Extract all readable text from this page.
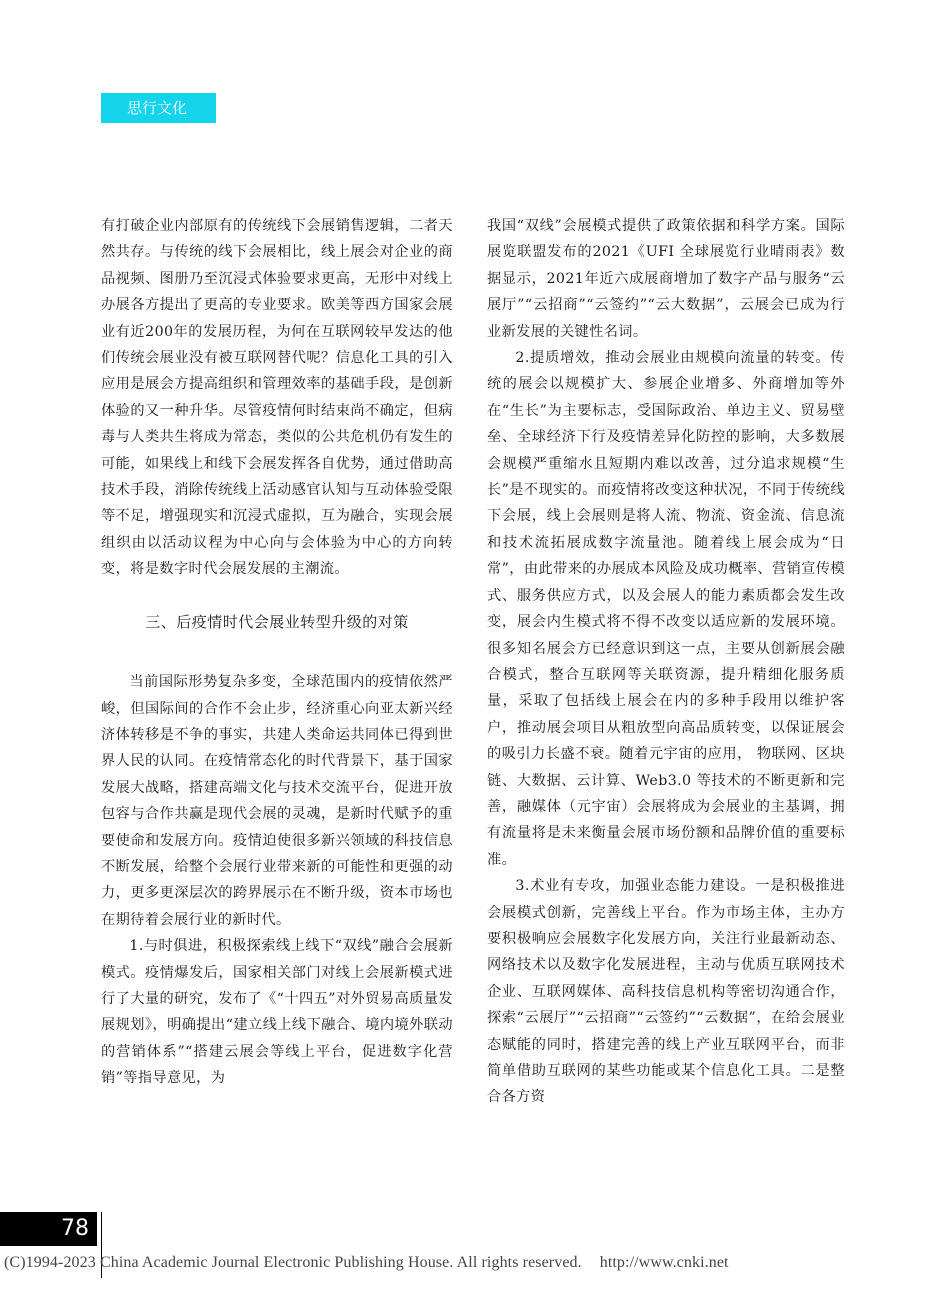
思行文化

有打破企业内部原有的传统线下会展销售逻辑，二者天然共存。与传统的线下会展相比，线上展会对企业的商品视频、图册乃至沉浸式体验要求更高，无形中对线上办展各方提出了更高的专业要求。欧美等西方国家会展业有近200年的发展历程，为何在互联网较早发达的他们传统会展业没有被互联网替代呢？信息化工具的引入应用是展会方提高组织和管理效率的基础手段，是创新体验的又一种升华。尽管疫情何时结束尚不确定，但病毒与人类共生将成为常态，类似的公共危机仍有发生的可能，如果线上和线下会展发挥各自优势，通过借助高技术手段，消除传统线上活动感官认知与互动体验受限等不足，增强现实和沉浸式虚拟，互为融合，实现会展组织由以活动议程为中心向与会体验为中心的方向转变，将是数字时代会展发展的主潮流。

三、后疫情时代会展业转型升级的对策

当前国际形势复杂多变，全球范围内的疫情依然严峻，但国际间的合作不会止步，经济重心向亚太新兴经济体转移是不争的事实，共建人类命运共同体已得到世界人民的认同。在疫情常态化的时代背景下，基于国家发展大战略，搭建高端文化与技术交流平台，促进开放包容与合作共赢是现代会展的灵魂，是新时代赋予的重要使命和发展方向。疫情迫使很多新兴领域的科技信息不断发展，给整个会展行业带来新的可能性和更强的动力，更多更深层次的跨界展示在不断升级，资本市场也在期待着会展行业的新时代。

1.与时俱进，积极探索线上线下“双线”融合会展新模式。疫情爆发后，国家相关部门对线上会展新模式进行了大量的研究，发布了《“十四五”对外贸易高质量发展规划》，明确提出“建立线上线下融合、境内境外联动的营销体系”“搭建云展会等线上平台，促进数字化营销”等指导意见，为

我国“双线”会展模式提供了政策依据和科学方案。国际展览联盟发布的2021《UFI 全球展览行业晴雨表》数据显示，2021年近六成展商增加了数字产品与服务“云展厅”“云招商”“云签约”“云大数据”，云展会已成为行业新发展的关键性名词。

2.提质增效，推动会展业由规模向流量的转变。传统的展会以规模扩大、参展企业增多、外商增加等外在“生长”为主要标志，受国际政治、单边主义、贸易壁垒、全球经济下行及疫情差异化防控的影响，大多数展会规模严重缩水且短期内难以改善，过分追求规模“生长”是不现实的。而疫情将改变这种状况，不同于传统线下会展，线上会展则是将人流、物流、资金流、信息流和技术流拓展成数字流量池。随着线上展会成为“日常”，由此带来的办展成本风险及成功概率、营销宣传模式、服务供应方式，以及会展人的能力素质都会发生改变，展会内生模式将不得不改变以适应新的发展环境。很多知名展会方已经意识到这一点，主要从创新展会融合模式，整合互联网等关联资源，提升精细化服务质量，采取了包括线上展会在内的多种手段用以维护客户，推动展会项目从粗放型向高品质转变，以保证展会的吸引力长盛不衰。随着元宇宙的应用， 物联网、区块链、大数据、云计算、Web3.0 等技术的不断更新和完善，融媒体（元宇宙）会展将成为会展业的主基调，拥有流量将是未来衡量会展市场份额和品牌价值的重要标准。

3.术业有专攻，加强业态能力建设。一是积极推进会展模式创新，完善线上平台。作为市场主体，主办方要积极响应会展数字化发展方向，关注行业最新动态、网络技术以及数字化发展进程，主动与优质互联网技术企业、互联网媒体、高科技信息机构等密切沟通合作，探索“云展厅”“云招商”“云签约”“云数据”，在给会展业态赋能的同时，搭建完善的线上产业互联网平台，而非简单借助互联网的某些功能或某个信息化工具。二是整合各方资

78
(C)1994-2023 China Academic Journal Electronic Publishing House. All rights reserved. http://www.cnki.net
